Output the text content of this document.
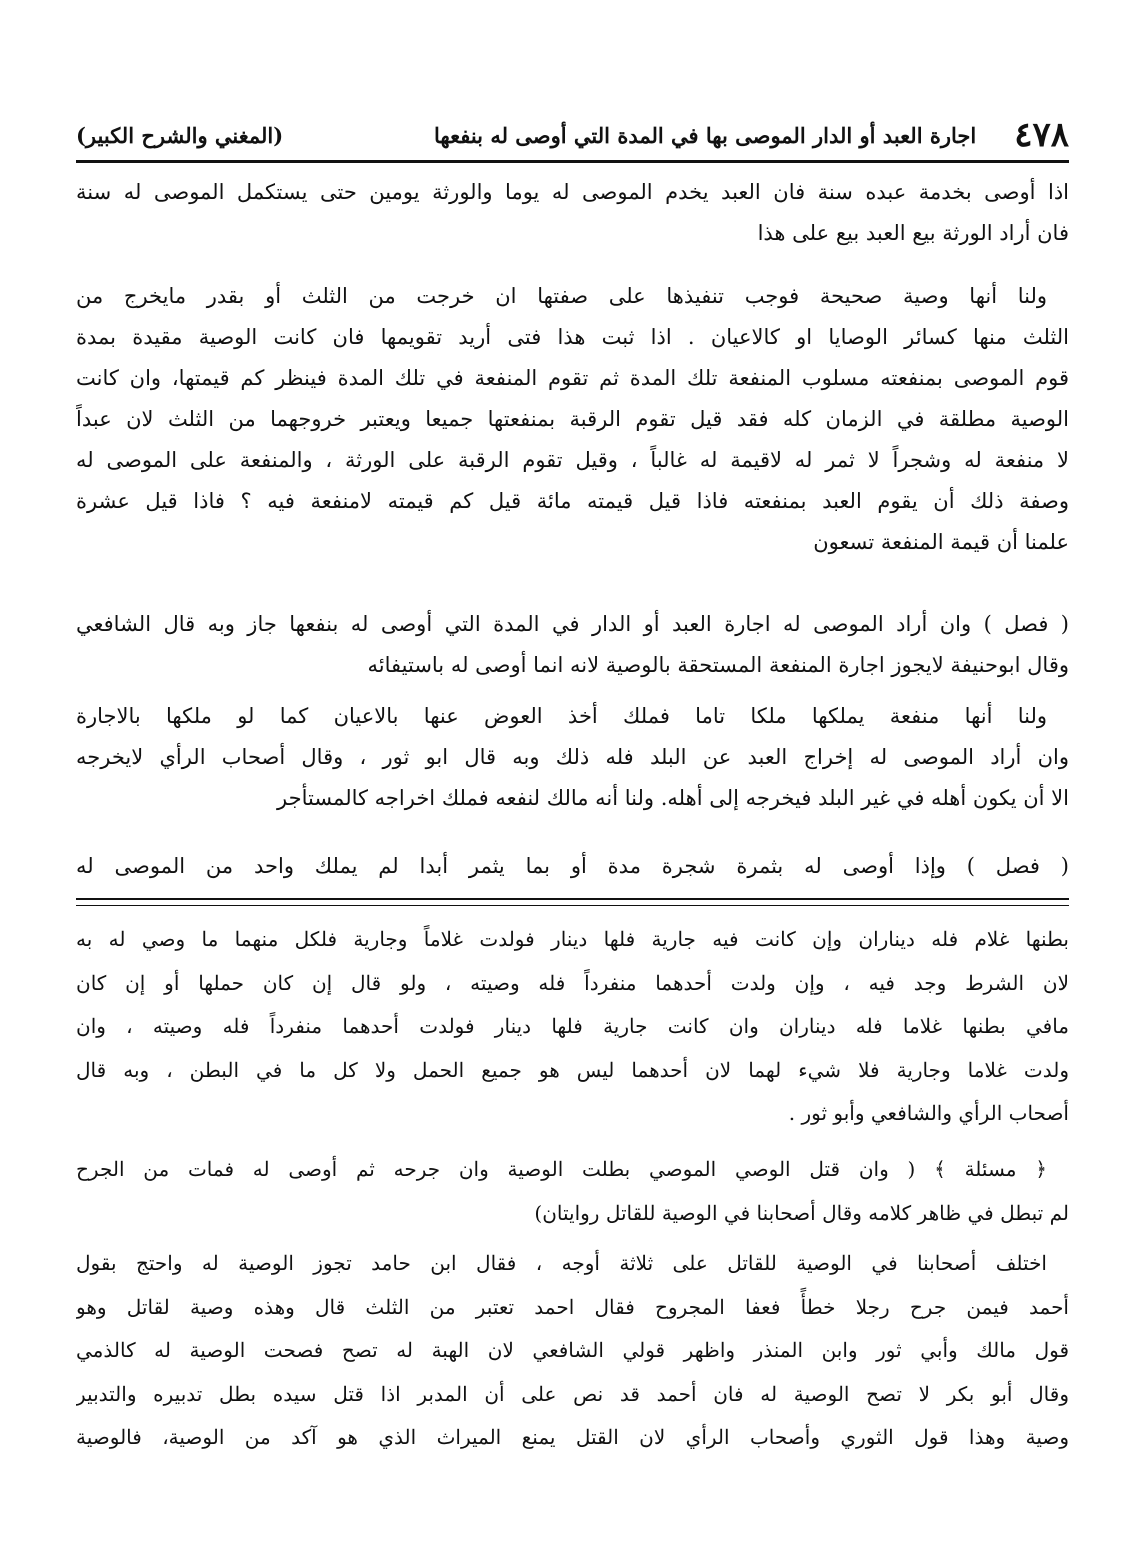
٤٧٨
اجارة العبد أو الدار الموصى بها في المدة التي أوصى له بنفعها
(المغني والشرح الكبير)
اذا أوصى بخدمة عبده سنة فان العبد يخدم الموصى له يوما والورثة يومين حتى يستكمل الموصى له سنة
فان أراد الورثة بيع العبد بيع على هذا
ولنا أنها وصية صحيحة فوجب تنفيذها على صفتها ان خرجت من الثلث أو بقدر مايخرج من
الثلث منها كسائر الوصايا او كالاعيان . اذا ثبت هذا فتى أريد تقويمها فان كانت الوصية مقيدة بمدة
قوم الموصى بمنفعته مسلوب المنفعة تلك المدة ثم تقوم المنفعة في تلك المدة فينظر كم قيمتها، وان كانت
الوصية مطلقة في الزمان كله فقد قيل تقوم الرقبة بمنفعتها جميعا ويعتبر خروجهما من الثلث لان عبداً
لا منفعة له وشجراً لا ثمر له لاقيمة له غالباً ، وقيل تقوم الرقبة على الورثة ، والمنفعة على الموصى له
وصفة ذلك أن يقوم العبد بمنفعته فاذا قيل قيمته مائة قيل كم قيمته لامنفعة فيه ؟ فاذا قيل عشرة
علمنا أن قيمة المنفعة تسعون
( فصل ) وان أراد الموصى له اجارة العبد أو الدار في المدة التي أوصى له بنفعها جاز وبه قال الشافعي
وقال ابوحنيفة لايجوز اجارة المنفعة المستحقة بالوصية لانه انما أوصى له باستيفائه
ولنا أنها منفعة يملكها ملكا تاما فملك أخذ العوض عنها بالاعيان كما لو ملكها بالاجارة
وان أراد الموصى له إخراج العبد عن البلد فله ذلك وبه قال ابو ثور ، وقال أصحاب الرأي لايخرجه
الا أن يكون أهله في غير البلد فيخرجه إلى أهله. ولنا أنه مالك لنفعه فملك اخراجه كالمستأجر
( فصل ) وإذا أوصى له بثمرة شجرة مدة أو بما يثمر أبدا لم يملك واحد من الموصى له
بطنها غلام فله ديناران وإن كانت فيه جارية فلها دينار فولدت غلاماً وجارية فلكل منهما ما وصي له به
لان الشرط وجد فيه ، وإن ولدت أحدهما منفرداً فله وصيته ، ولو قال إن كان حملها أو إن كان
مافي بطنها غلاما فله ديناران وان كانت جارية فلها دينار فولدت أحدهما منفرداً فله وصيته ، وان
ولدت غلاما وجارية فلا شيء لهما لان أحدهما ليس هو جميع الحمل ولا كل ما في البطن ، وبه قال
أصحاب الرأي والشافعي وأبو ثور .
﴿ مسئلة ﴾ ( وان قتل الوصي الموصي بطلت الوصية وان جرحه ثم أوصى له فمات من الجرح
لم تبطل في ظاهر كلامه وقال أصحابنا في الوصية للقاتل روايتان)
اختلف أصحابنا في الوصية للقاتل على ثلاثة أوجه ، فقال ابن حامد تجوز الوصية له واحتج بقول
أحمد فيمن جرح رجلا خطأً فعفا المجروح فقال احمد تعتبر من الثلث قال وهذه وصية لقاتل وهو
قول مالك وأبي ثور وابن المنذر واظهر قولي الشافعي لان الهبة له تصح فصحت الوصية له كالذمي
وقال أبو بكر لا تصح الوصية له فان أحمد قد نص على أن المدبر اذا قتل سيده بطل تدبيره والتدبير
وصية وهذا قول الثوري وأصحاب الرأي لان القتل يمنع الميراث الذي هو آكد من الوصية، فالوصية
